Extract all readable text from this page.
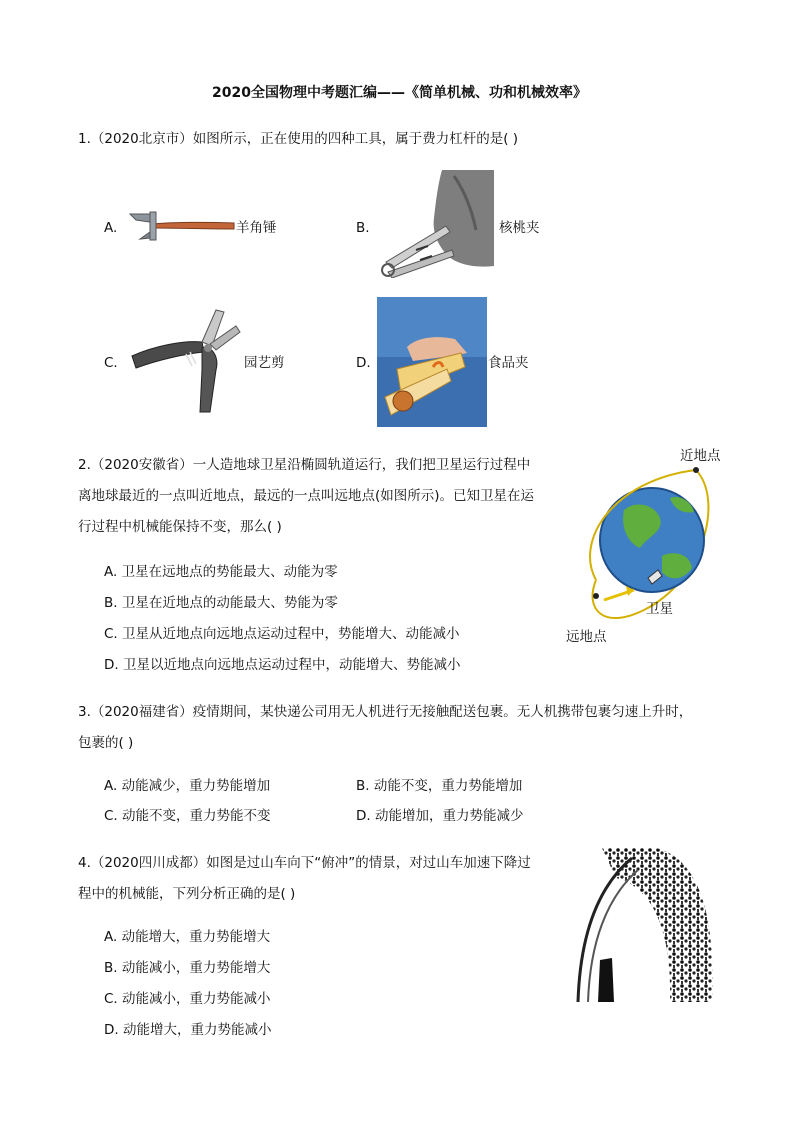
2020全国物理中考题汇编——《简单机械、功和机械效率》
1.（2020北京市）如图所示，正在使用的四种工具，属于费力杠杆的是( )
A.	羊角锤	B.	核桃夹
C.	园艺剪	D.	食品夹
2.（2020安徽省）一人造地球卫星沿椭圆轨道运行，我们把卫星运行过程中
离地球最近的一点叫近地点，最远的一点叫远地点(如图所示)。已知卫星在运
行过程中机械能保持不变，那么( )
A. 卫星在远地点的势能最大、动能为零
B. 卫星在近地点的动能最大、势能为零
C. 卫星从近地点向远地点运动过程中，势能增大、动能减小
D. 卫星以近地点向远地点运动过程中，动能增大、势能减小
近地点
卫星
远地点
3.（2020福建省）疫情期间，某快递公司用无人机进行无接触配送包裹。无人机携带包裹匀速上升时，
包裹的( )
A. 动能减少，重力势能增加	B. 动能不变，重力势能增加
C. 动能不变，重力势能不变	D. 动能增加，重力势能减少
4.（2020四川成都）如图是过山车向下“俯冲”的情景，对过山车加速下降过
程中的机械能，下列分析正确的是( )
A. 动能增大，重力势能增大
B. 动能减小，重力势能增大
C. 动能减小，重力势能减小
D. 动能增大，重力势能减小
